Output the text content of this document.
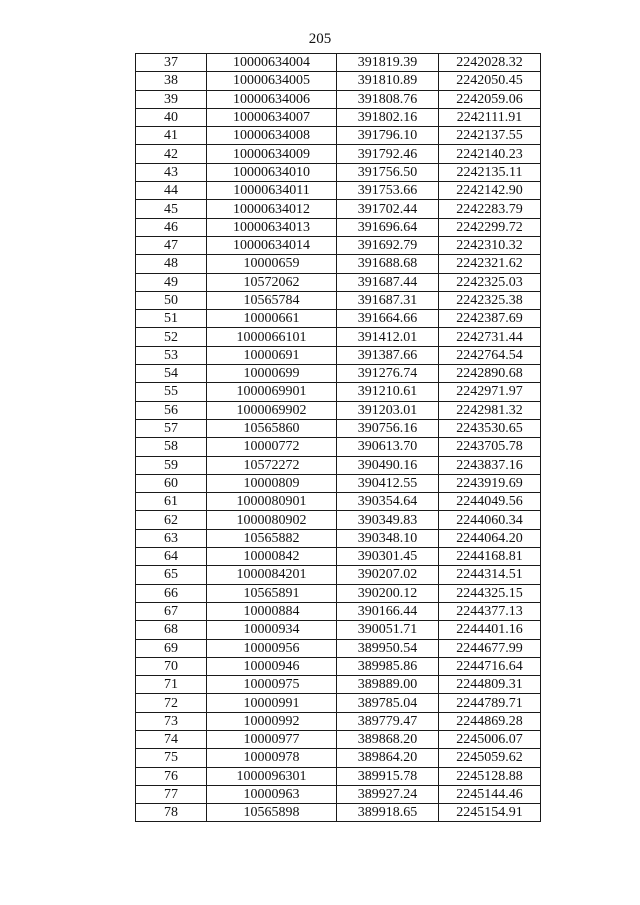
205
37	10000634004	391819.39	2242028.32
38	10000634005	391810.89	2242050.45
39	10000634006	391808.76	2242059.06
40	10000634007	391802.16	2242111.91
41	10000634008	391796.10	2242137.55
42	10000634009	391792.46	2242140.23
43	10000634010	391756.50	2242135.11
44	10000634011	391753.66	2242142.90
45	10000634012	391702.44	2242283.79
46	10000634013	391696.64	2242299.72
47	10000634014	391692.79	2242310.32
48	10000659	391688.68	2242321.62
49	10572062	391687.44	2242325.03
50	10565784	391687.31	2242325.38
51	10000661	391664.66	2242387.69
52	1000066101	391412.01	2242731.44
53	10000691	391387.66	2242764.54
54	10000699	391276.74	2242890.68
55	1000069901	391210.61	2242971.97
56	1000069902	391203.01	2242981.32
57	10565860	390756.16	2243530.65
58	10000772	390613.70	2243705.78
59	10572272	390490.16	2243837.16
60	10000809	390412.55	2243919.69
61	1000080901	390354.64	2244049.56
62	1000080902	390349.83	2244060.34
63	10565882	390348.10	2244064.20
64	10000842	390301.45	2244168.81
65	1000084201	390207.02	2244314.51
66	10565891	390200.12	2244325.15
67	10000884	390166.44	2244377.13
68	10000934	390051.71	2244401.16
69	10000956	389950.54	2244677.99
70	10000946	389985.86	2244716.64
71	10000975	389889.00	2244809.31
72	10000991	389785.04	2244789.71
73	10000992	389779.47	2244869.28
74	10000977	389868.20	2245006.07
75	10000978	389864.20	2245059.62
76	1000096301	389915.78	2245128.88
77	10000963	389927.24	2245144.46
78	10565898	389918.65	2245154.91
